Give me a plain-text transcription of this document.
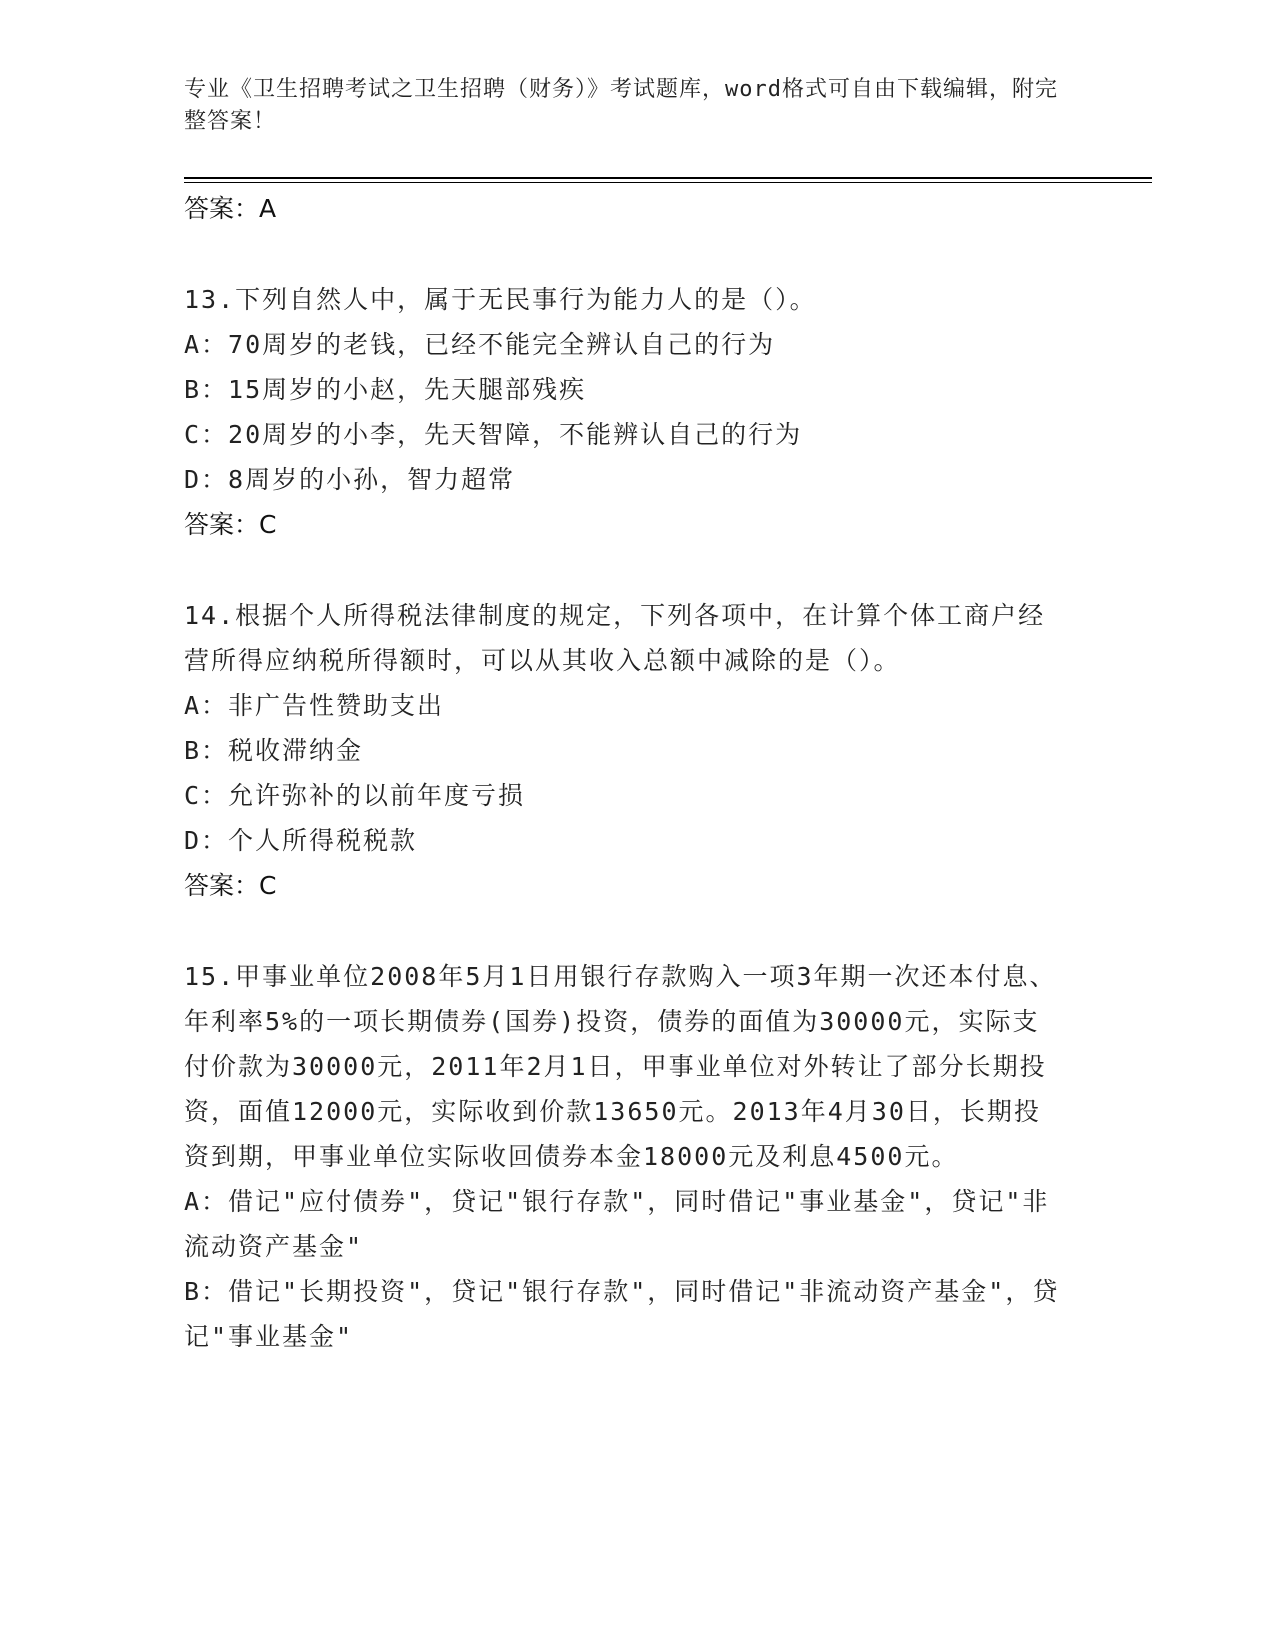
专业《卫生招聘考试之卫生招聘（财务）》考试题库，word格式可自由下载编辑，附完整答案！
答案：A
13.下列自然人中，属于无民事行为能力人的是（）。
A：70周岁的老钱，已经不能完全辨认自己的行为
B：15周岁的小赵，先天腿部残疾
C：20周岁的小李，先天智障，不能辨认自己的行为
D：8周岁的小孙，智力超常
答案：C
14.根据个人所得税法律制度的规定，下列各项中，在计算个体工商户经营所得应纳税所得额时，可以从其收入总额中减除的是（）。
A：非广告性赞助支出
B：税收滞纳金
C：允许弥补的以前年度亏损
D：个人所得税税款
答案：C
15.甲事业单位2008年5月1日用银行存款购入一项3年期一次还本付息、年利率5%的一项长期债券(国券)投资，债券的面值为30000元，实际支付价款为30000元，2011年2月1日，甲事业单位对外转让了部分长期投资，面值12000元，实际收到价款13650元。2013年4月30日，长期投资到期，甲事业单位实际收回债券本金18000元及利息4500元。
A：借记"应付债券"，贷记"银行存款"，同时借记"事业基金"，贷记"非流动资产基金"
B：借记"长期投资"，贷记"银行存款"，同时借记"非流动资产基金"，贷记"事业基金"
